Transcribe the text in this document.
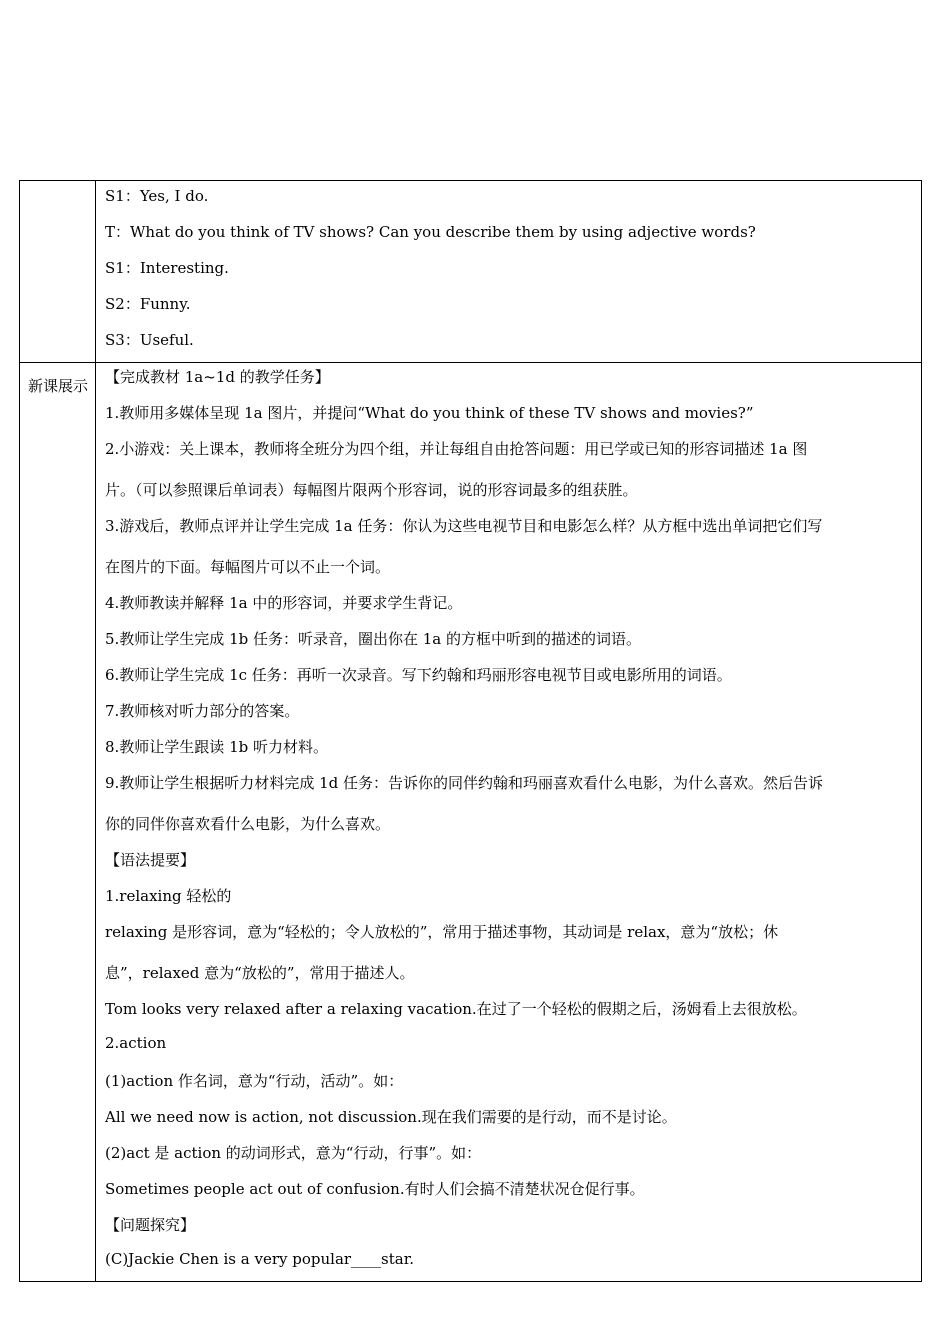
S1：Yes, I do.
T：What do you think of TV shows? Can you describe them by using adjective words?
S1：Interesting.
S2：Funny.
S3：Useful.
新课展示 【完成教材 1a~1d 的教学任务】
1.教师用多媒体呈现 1a 图片，并提问“What do you think of these TV shows and movies?”
2.小游戏：关上课本，教师将全班分为四个组，并让每组自由抢答问题：用已学或已知的形容词描述 1a 图
片。（可以参照课后单词表）每幅图片限两个形容词，说的形容词最多的组获胜。
3.游戏后，教师点评并让学生完成 1a 任务：你认为这些电视节目和电影怎么样？从方框中选出单词把它们写
在图片的下面。每幅图片可以不止一个词。
4.教师教读并解释 1a 中的形容词，并要求学生背记。
5.教师让学生完成 1b 任务：听录音，圈出你在 1a 的方框中听到的描述的词语。
6.教师让学生完成 1c 任务：再听一次录音。写下约翰和玛丽形容电视节目或电影所用的词语。
7.教师核对听力部分的答案。
8.教师让学生跟读 1b 听力材料。
9.教师让学生根据听力材料完成 1d 任务：告诉你的同伴约翰和玛丽喜欢看什么电影，为什么喜欢。然后告诉
你的同伴你喜欢看什么电影，为什么喜欢。
【语法提要】
1.relaxing 轻松的
relaxing 是形容词，意为“轻松的；令人放松的”，常用于描述事物，其动词是 relax，意为“放松；休
息”，relaxed 意为“放松的”，常用于描述人。
Tom looks very relaxed after a relaxing vacation.在过了一个轻松的假期之后，汤姆看上去很放松。
2.action
(1)action 作名词，意为“行动，活动”。如：
All we need now is action, not discussion.现在我们需要的是行动，而不是讨论。
(2)act 是 action 的动词形式，意为“行动，行事”。如：
Sometimes people act out of confusion.有时人们会搞不清楚状况仓促行事。
【问题探究】
(C)Jackie Chen is a very popular____star.
